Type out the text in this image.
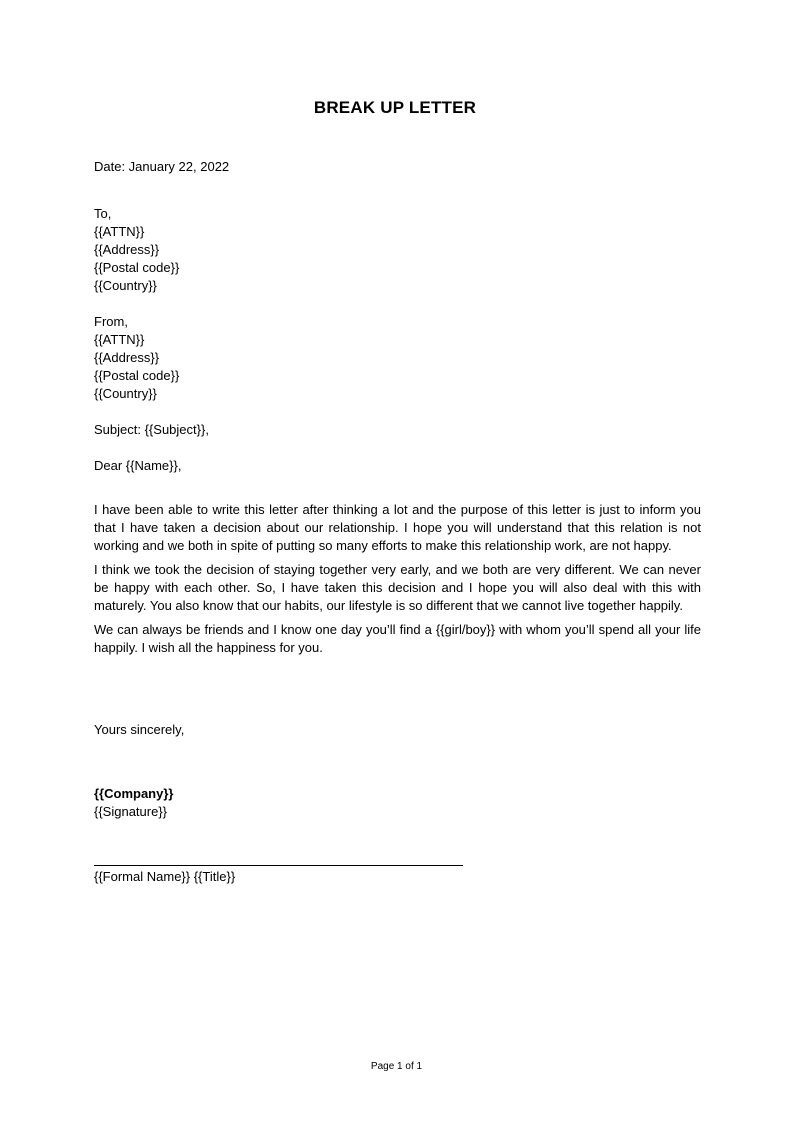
BREAK UP LETTER
Date: January 22, 2022
To,
{{ATTN}}
{{Address}}
{{Postal code}}
{{Country}}
From,
{{ATTN}}
{{Address}}
{{Postal code}}
{{Country}}
Subject: {{Subject}},
Dear {{Name}},

I have been able to write this letter after thinking a lot and the purpose of this letter is just to inform you that I have taken a decision about our relationship. I hope you will understand that this relation is not working and we both in spite of putting so many efforts to make this relationship work, are not happy.

I think we took the decision of staying together very early, and we both are very different. We can never be happy with each other. So, I have taken this decision and I hope you will also deal with this with maturely. You also know that our habits, our lifestyle is so different that we cannot live together happily.

We can always be friends and I know one day you’ll find a {{girl/boy}} with whom you’ll spend all your life happily. I wish all the happiness for you.

Yours sincerely,
{{Company}}
{{Signature}}
{{Formal Name}} {{Title}}
Page 1 of 1
